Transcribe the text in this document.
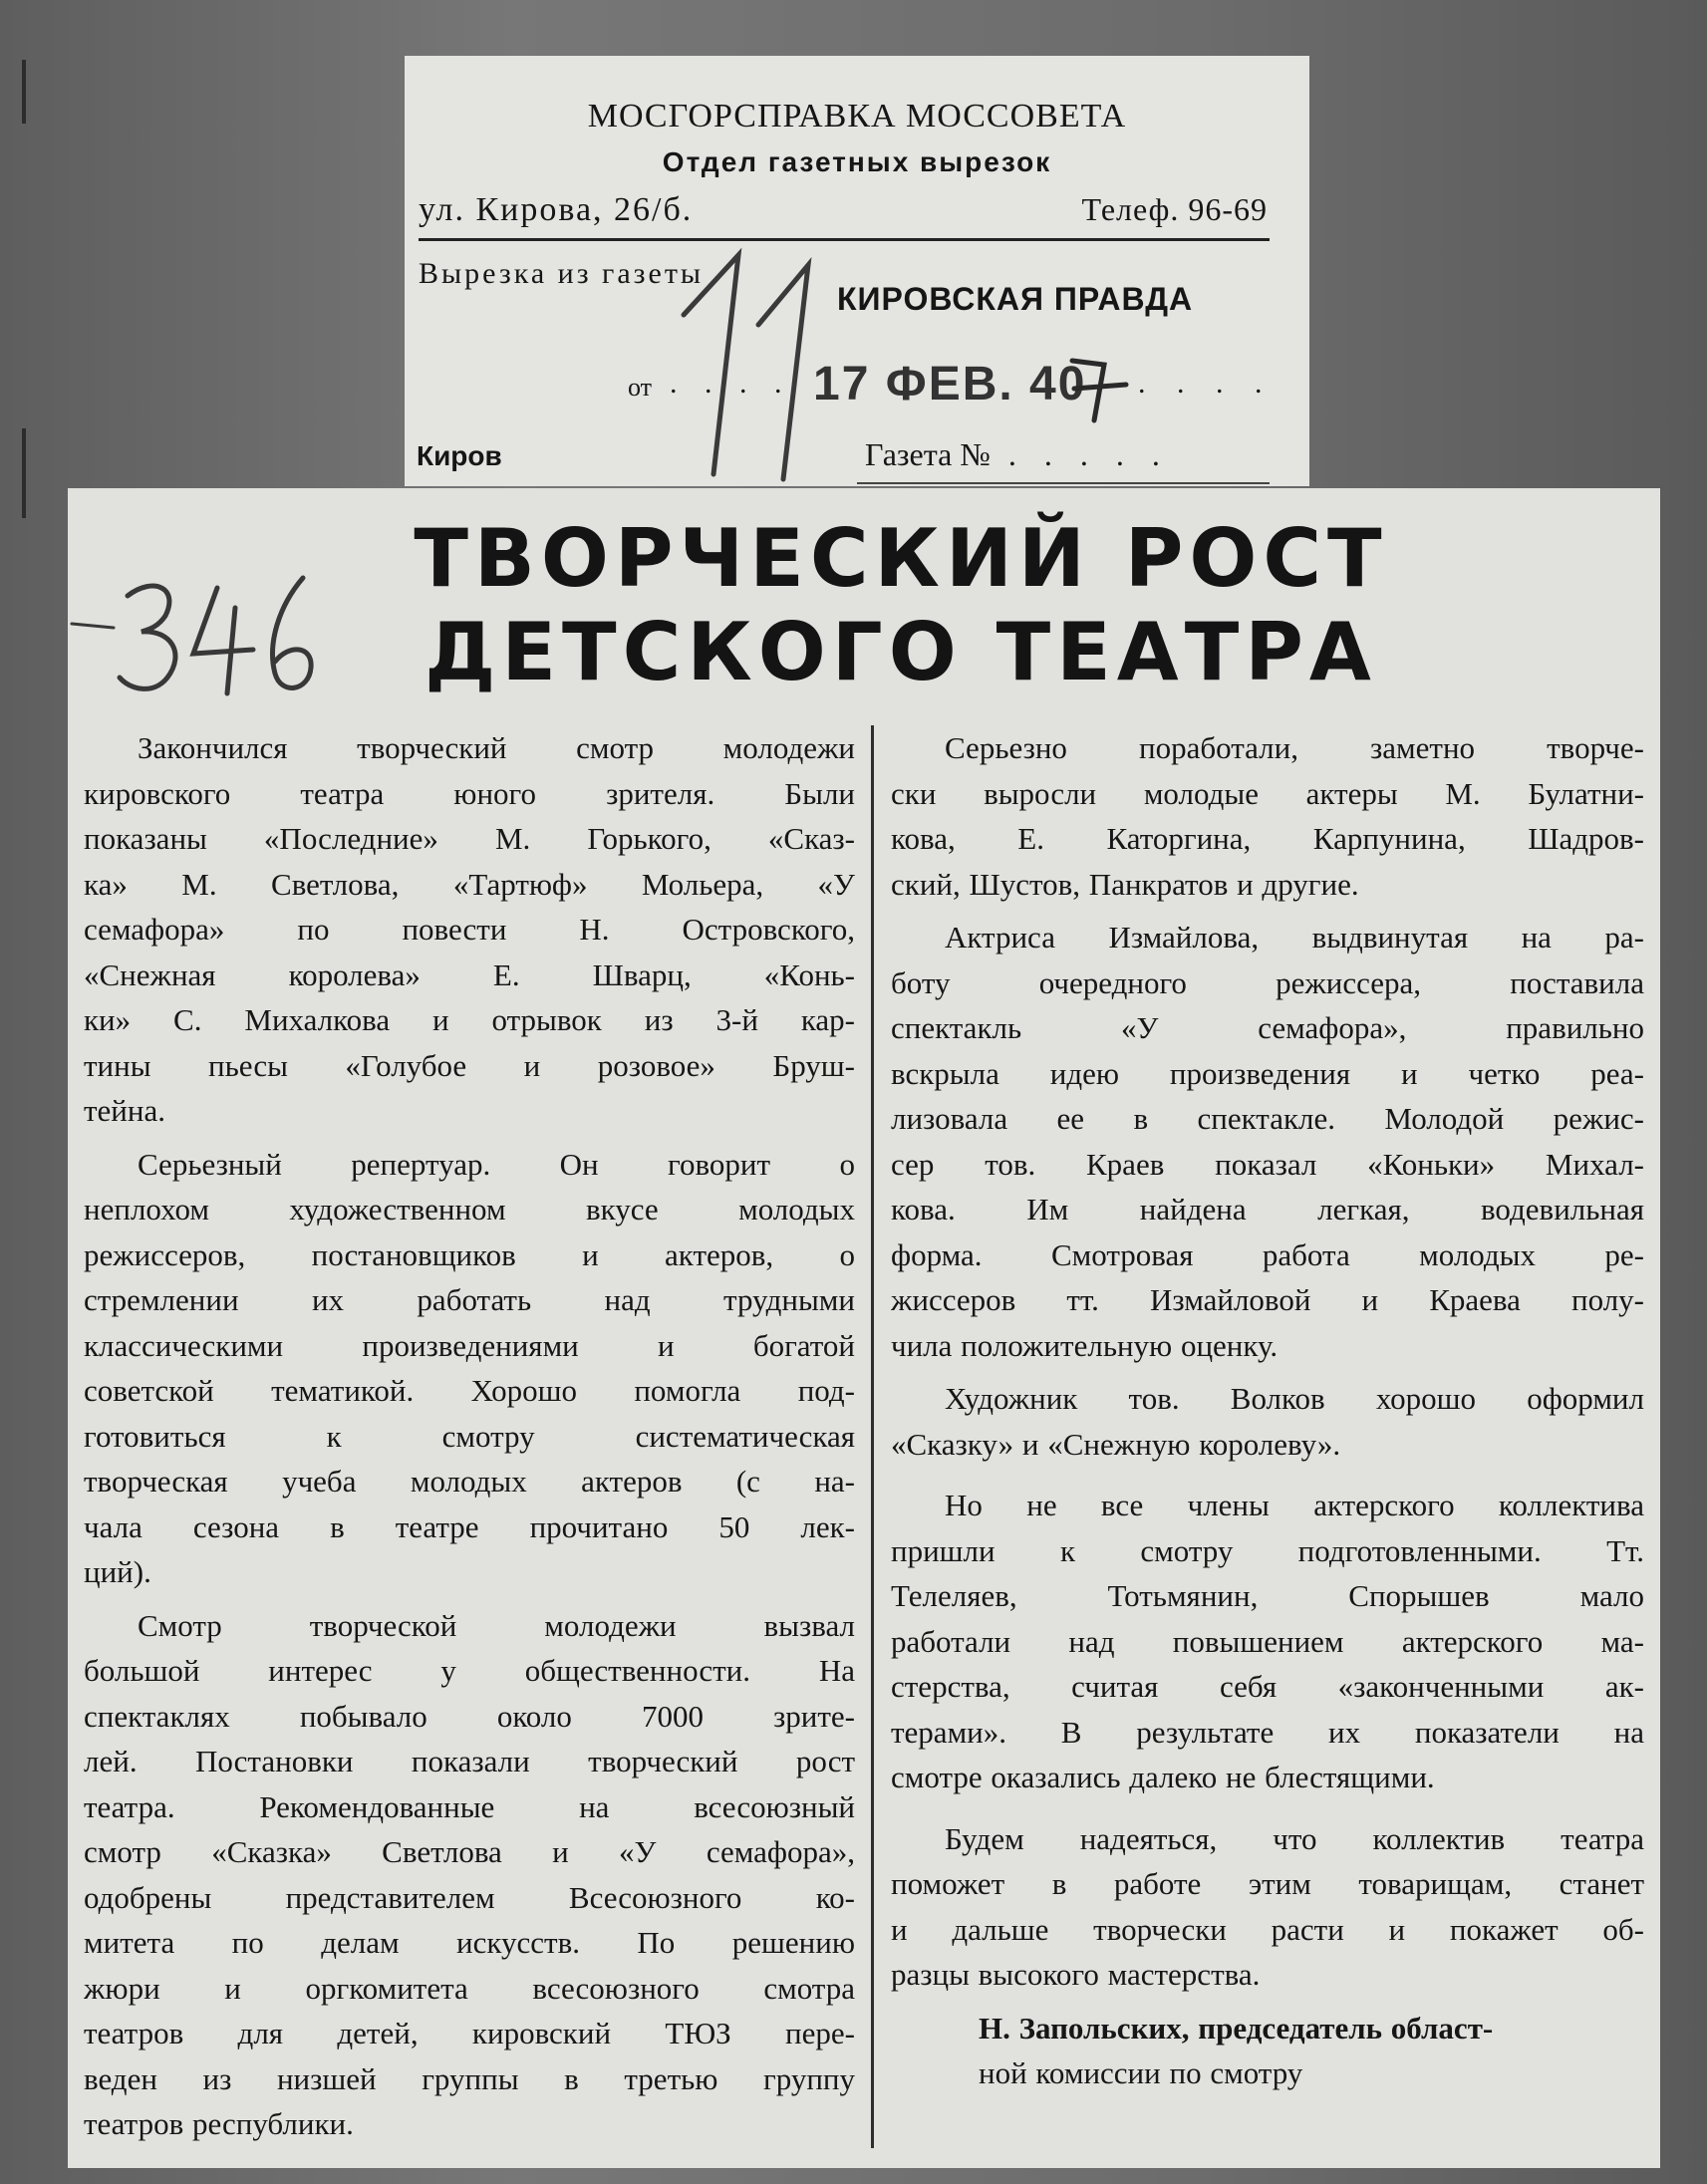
МОСГОРСПРАВКА МОССОВЕТА
Отдел газетных вырезок
ул. Кирова, 26/б.	Телеф. 96-69
Вырезка из газеты
КИРОВСКАЯ ПРАВДА
от . . . . 17 ФЕВ. 40 . . . .
Киров	Газета № . . . . .
ТВОРЧЕСКИЙ РОСТ
ДЕТСКОГО ТЕАТРА
Закончился творческий смотр молодежи
кировского театра юного зрителя. Были
показаны «Последние» М. Горького, «Сказ-
ка» М. Светлова, «Тартюф» Мольера, «У
семафора» по повести Н. Островского,
«Снежная королева» Е. Шварц, «Конь-
ки» С. Михалкова и отрывок из 3-й кар-
тины пьесы «Голубое и розовое» Бруш-
тейна.
Серьезный репертуар. Он говорит о
неплохом художественном вкусе молодых
режиссеров, постановщиков и актеров, о
стремлении их работать над трудными
классическими произведениями и богатой
советской тематикой. Хорошо помогла под-
готовиться к смотру систематическая
творческая учеба молодых актеров (с на-
чала сезона в театре прочитано 50 лек-
ций).
Смотр творческой молодежи вызвал
большой интерес у общественности. На
спектаклях побывало около 7000 зрите-
лей. Постановки показали творческий рост
театра. Рекомендованные на всесоюзный
смотр «Сказка» Светлова и «У семафора»,
одобрены представителем Всесоюзного ко-
митета по делам искусств. По решению
жюри и оргкомитета всесоюзного смотра
театров для детей, кировский ТЮЗ пере-
веден из низшей группы в третью группу
театров республики.
Серьезно поработали, заметно творче-
ски выросли молодые актеры М. Булатни-
кова, Е. Каторгина, Карпунина, Шадров-
ский, Шустов, Панкратов и другие.
Актриса Измайлова, выдвинутая на ра-
боту очередного режиссера, поставила
спектакль «У семафора», правильно
вскрыла идею произведения и четко реа-
лизовала ее в спектакле. Молодой режис-
сер тов. Краев показал «Коньки» Михал-
кова. Им найдена легкая, водевильная
форма. Смотровая работа молодых ре-
жиссеров тт. Измайловой и Краева полу-
чила положительную оценку.
Художник тов. Волков хорошо оформил
«Сказку» и «Снежную королеву».
Но не все члены актерского коллектива
пришли к смотру подготовленными. Тт.
Телеляев, Тотьмянин, Спорышев мало
работали над повышением актерского ма-
стерства, считая себя «законченными ак-
терами». В результате их показатели на
смотре оказались далеко не блестящими.
Будем надеяться, что коллектив театра
поможет в работе этим товарищам, станет
и дальше творчески расти и покажет об-
разцы высокого мастерства.
Н. Запольских, председатель област-
ной комиссии по смотру
